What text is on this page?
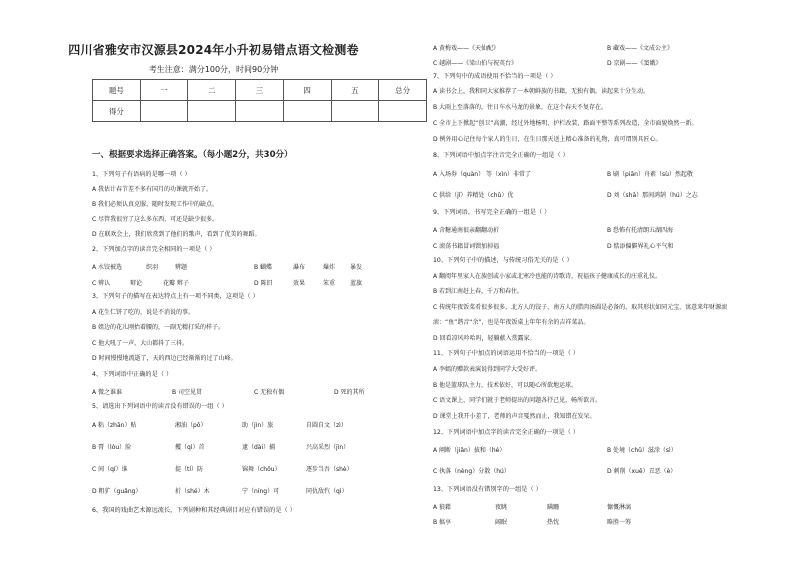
四川省雅安市汉源县2024年小升初易错点语文检测卷
考生注意：满分100分，时间90分钟
题号	一	二	三	四	五	总分
得分						
一、根据要求选择正确答案。（每小题2分，共30分）
1、下列句子有语病的是哪一项（ ）
A 我估计春节差不多有国月的功课就开始了。
B 我们必须认真克服、随时发现工作中的缺点。
C 尽管我很穷了这么多东西，可还是缺少很多。
D 在联欢会上，我们欣赏到了他们的歌声，看到了优美的舞蹈。
2、下列加点字的读音完全相同的一项是（ ）
A 水饺被选	织羽	辨题	B 蝴蝶	瀑布	爆炸 暴发
C 辨认	辩论	花瓣 辫子	D 陈旧	效果	笨重 蓝旗
3、下列句子的描写在表达特点上有一项不同类，这项是（ ）
A 花生仁饼了吃的，说是不消说的事。
B 姐边的花儿刚抬着腰的，一副无精打采的样子。
C 他大吼了一声，大山都抖了三抖。
D 时间慢慢地流逝了，天的西边已经渐渐的过了山峰。
4、下列词语中正确的是（ ）
A 微之谁谁	B 司空见贯	C 无独有偶	D 死的其所
5、请选出下列词语中的读音没有错误的一组（ ）
A 粘（zhān）贴	湘油（pō）	助（jìn）旅	自圆自文（zì）
B 膏（lòu）脸	攫（qì）首	逮（dài）捕	兴高采烈（jìn）
C 间（qí）谁	提（tí）防	锦舞（chōu）	逐步当吾（shè）
D 粗犷（guǎng）	折（shé）木	宁（níng）可	同仇敌忾（qì）
6、我国的戏曲艺术源远流长，下列剧种和其经典剧目对应有错误的是（ ）
A 黄梅戏——《天仙配》	B 藏戏——《文成公主》
C 越剧——《梁山伯与祝英台》	D 京剧——《窦娥》
7、下列句中的成语使用不恰当的一项是（ ）
A 读书会上，我和同大家推荐了一本朝鲜族的书籍，无独有偶，读起来十分生动。
B 大雨上至落落的，往日车水马龙的景象，在这个春天不复存在。
C 全市上下掀起“创卫”高潮，经过外地杨明、护栏改装，路面平整等系列改造，全市面貌焕然一新。
D 例外用心记住每个家人的生日，在生日那天送上精心准备的礼物，真可谓别具匠心。
8、下列词语中加点字注音完全正确的一组是（ ）
A 入场券（quàn） 等（xìn）非常了	B 刷（piān）舟素（sù）然起敬
C 供给（jǐ）养精处（chǔ）优	D 刘（shā）那间鸿鹄（hú）之志
9、下列词语，书写完全正确的一组是（ ）
A 含糖通南很亲翻翻动折	B 恐怖有托清朗五湖四海
C 滚荡书籍冒词馈加掉福	D 惦添偏僻界礼心平气和
10、下列句子中的描述，与传统习俗无关的是（ ）
A 翻阅年里家人在族创或小家或北寒冷也能的诗歌诗，祝福孩子健康成长的庄重礼仪。
B 若到江南赶上春，千万和春住。
C 传统年夜饭菜肴很多很多，北方人的饺子，南方人的腊肉汤圆是必备的，取其形状如同元宝，寓意来年财源滚
滚：“鱼”谐音“余”，也是年夜饭桌上年年有余的吉祥菜品。
D 回看凉风吟哈吗，轻躺献入赏露家。
11、下列句子中加点的词语运用不恰当的一项是（ ）
A 李嫣的赠款表演说得到同学大受好评。
B 他是篮球队主力，技术依好，可以随心所欲地运球。
C 语文课上，同学们就于老师提出的问题各抒己见，畅所欲言。
D 课堂上我开小差了，老师的声音戛然而止，我知错在发呆。
12、下列词语中加点字的读音完全正确的一项是（ ）
A 阐断（jiǎn）拔和（hé）	B 处境（chǔ）滋涂（sì）
C 执落（nèng）分散（hú）	D 刺削（xuē）丑恶（è）
13、下列词语没有错别字的一组是（ ）
A 狼藉	夜眺	蹒跚	慷慨淋漓
B 搞享	阔眠	热忱	略胜一筹
